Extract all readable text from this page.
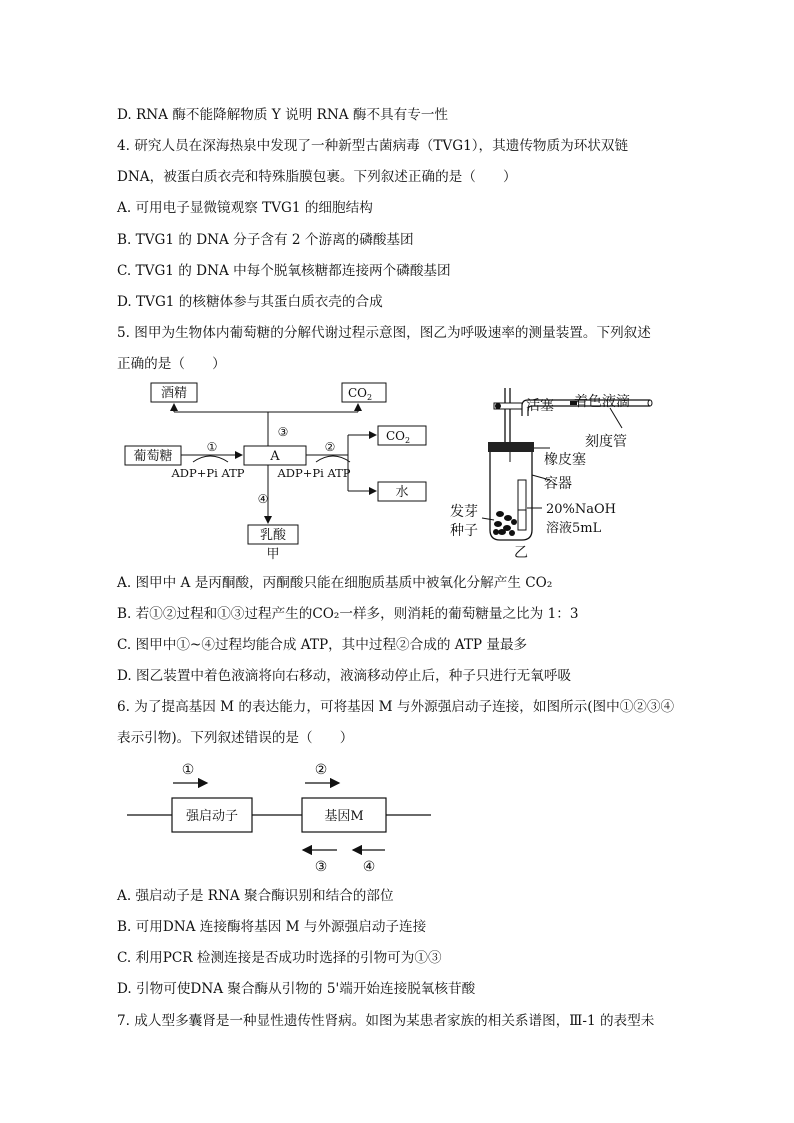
D. RNA 酶不能降解物质 Y 说明 RNA 酶不具有专一性
4. 研究人员在深海热泉中发现了一种新型古菌病毒（TVG1），其遗传物质为环状双链
DNA，被蛋白质衣壳和特殊脂膜包裹。下列叙述正确的是（　　）
A. 可用电子显微镜观察 TVG1 的细胞结构
B. TVG1 的 DNA 分子含有 2 个游离的磷酸基团
C. TVG1 的 DNA 中每个脱氧核糖都连接两个磷酸基团
D. TVG1 的核糖体参与其蛋白质衣壳的合成
5. 图甲为生物体内葡萄糖的分解代谢过程示意图，图乙为呼吸速率的测量装置。下列叙述
正确的是（　　）
酒精	$CO_2$
葡萄糖	A
$CO_2$
水
乳酸
①	②
③
④
ADP+Pi ATP	ADP+Pi ATP
甲
活塞 着色液滴
刻度管
橡皮塞
容器
20%NaOH
溶液5mL
发芽
种子
乙
A. 图甲中 A 是丙酮酸，丙酮酸只能在细胞质基质中被氧化分解产生 CO₂
B. 若①②过程和①③过程产生的CO₂一样多，则消耗的葡萄糖量之比为 1：3
C. 图甲中①~④过程均能合成 ATP，其中过程②合成的 ATP 量最多
D. 图乙装置中着色液滴将向右移动，液滴移动停止后，种子只进行无氧呼吸
6. 为了提高基因 M 的表达能力，可将基因 M 与外源强启动子连接，如图所示(图中①②③④
表示引物)。下列叙述错误的是（　　）
强启动子	基因M
①	②
③	④
A. 强启动子是 RNA 聚合酶识别和结合的部位
B. 可用DNA 连接酶将基因 M 与外源强启动子连接
C. 利用PCR 检测连接是否成功时选择的引物可为①③
D. 引物可使DNA 聚合酶从引物的 5'端开始连接脱氧核苷酸
7. 成人型多囊肾是一种显性遗传性肾病。如图为某患者家族的相关系谱图，Ⅲ-1 的表型未
